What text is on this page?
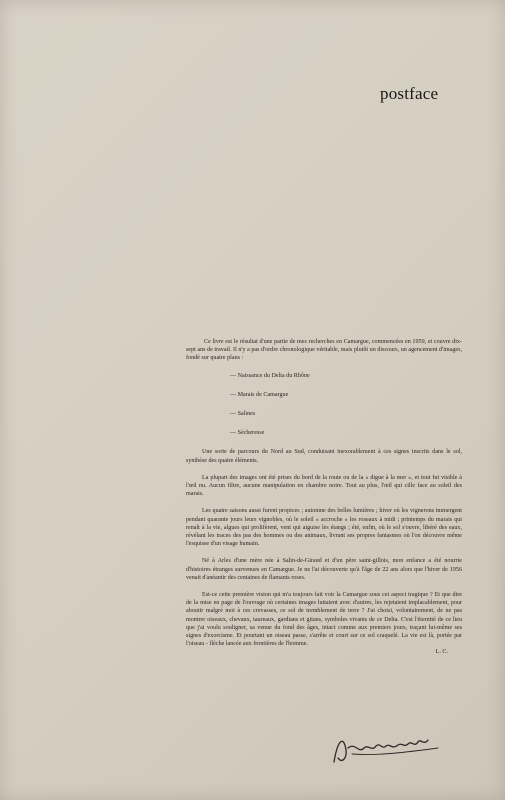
postface

Ce livre est le résultat d'une partie de mes recherches en Camargue, commencées en 1959, et couvre dix-sept ans de travail. Il n'y a pas d'ordre chronologique véritable, mais plutôt un discours, un agencement d'images, fondé sur quatre plans :

— Naissance du Delta du Rhône
— Marais de Camargue
— Salines
— Sécheresse

Une sorte de parcours du Nord au Sud, conduisant inexorablement à ces signes inscrits dans le sol, synthèse des quatre éléments.

La plupart des images ont été prises du bord de la route ou de la « digue à la mer », et tout fut visible à l'œil nu. Aucun filtre, aucune manipulation en chambre noire. Tout au plus, l'œil qui cille face au soleil des marais.

Les quatre saisons aussi furent propices ; automne des belles lumières ; hiver où les vignerons immergent pendant quarante jours leurs vignobles, où le soleil « accroche » les roseaux à midi ; printemps du marais qui renaît à la vie, algues qui prolifèrent, vent qui aiguise les étangs ; été, enfin, où le sol s'ouvre, libéré des eaux, révélant les traces des pas des hommes ou des animaux, livrant ses propres fantasmes où l'on découvre même l'esquisse d'un visage humain.

Né à Arles d'une mère née à Salin-de-Giraud et d'un père saint-gillois, mon enfance a été nourrie d'histoires étranges survenues en Camargue. Je ne l'ai découverte qu'à l'âge de 22 ans alors que l'hiver de 1956 venait d'anéantir des centaines de flamants roses.

Est-ce cette première vision qui m'a toujours fait voir la Camargue sous cet aspect tragique ? Et que dire de la mise en page de l'ouvrage où certaines images luttaient avec d'autres, les rejetaient implacablement, pour aboutir malgré moi à ces crevasses, ce sol de tremblement de terre ? J'ai choisi, volontairement, de ne pas montrer oiseaux, chevaux, taureaux, gardians et gitans, symboles vivants de ce Delta. C'est l'éternité de ce lieu que j'ai voulu souligner, sa venue du fond des âges, intact comme aux premiers jours, traçant lui-même ses signes d'exorcisme. Et pourtant un oiseau passe, s'arrête et court sur ce sol craquelé. La vie est là, portée par l'oiseau - flèche lancée aux frontières de l'homme.

L. C.
